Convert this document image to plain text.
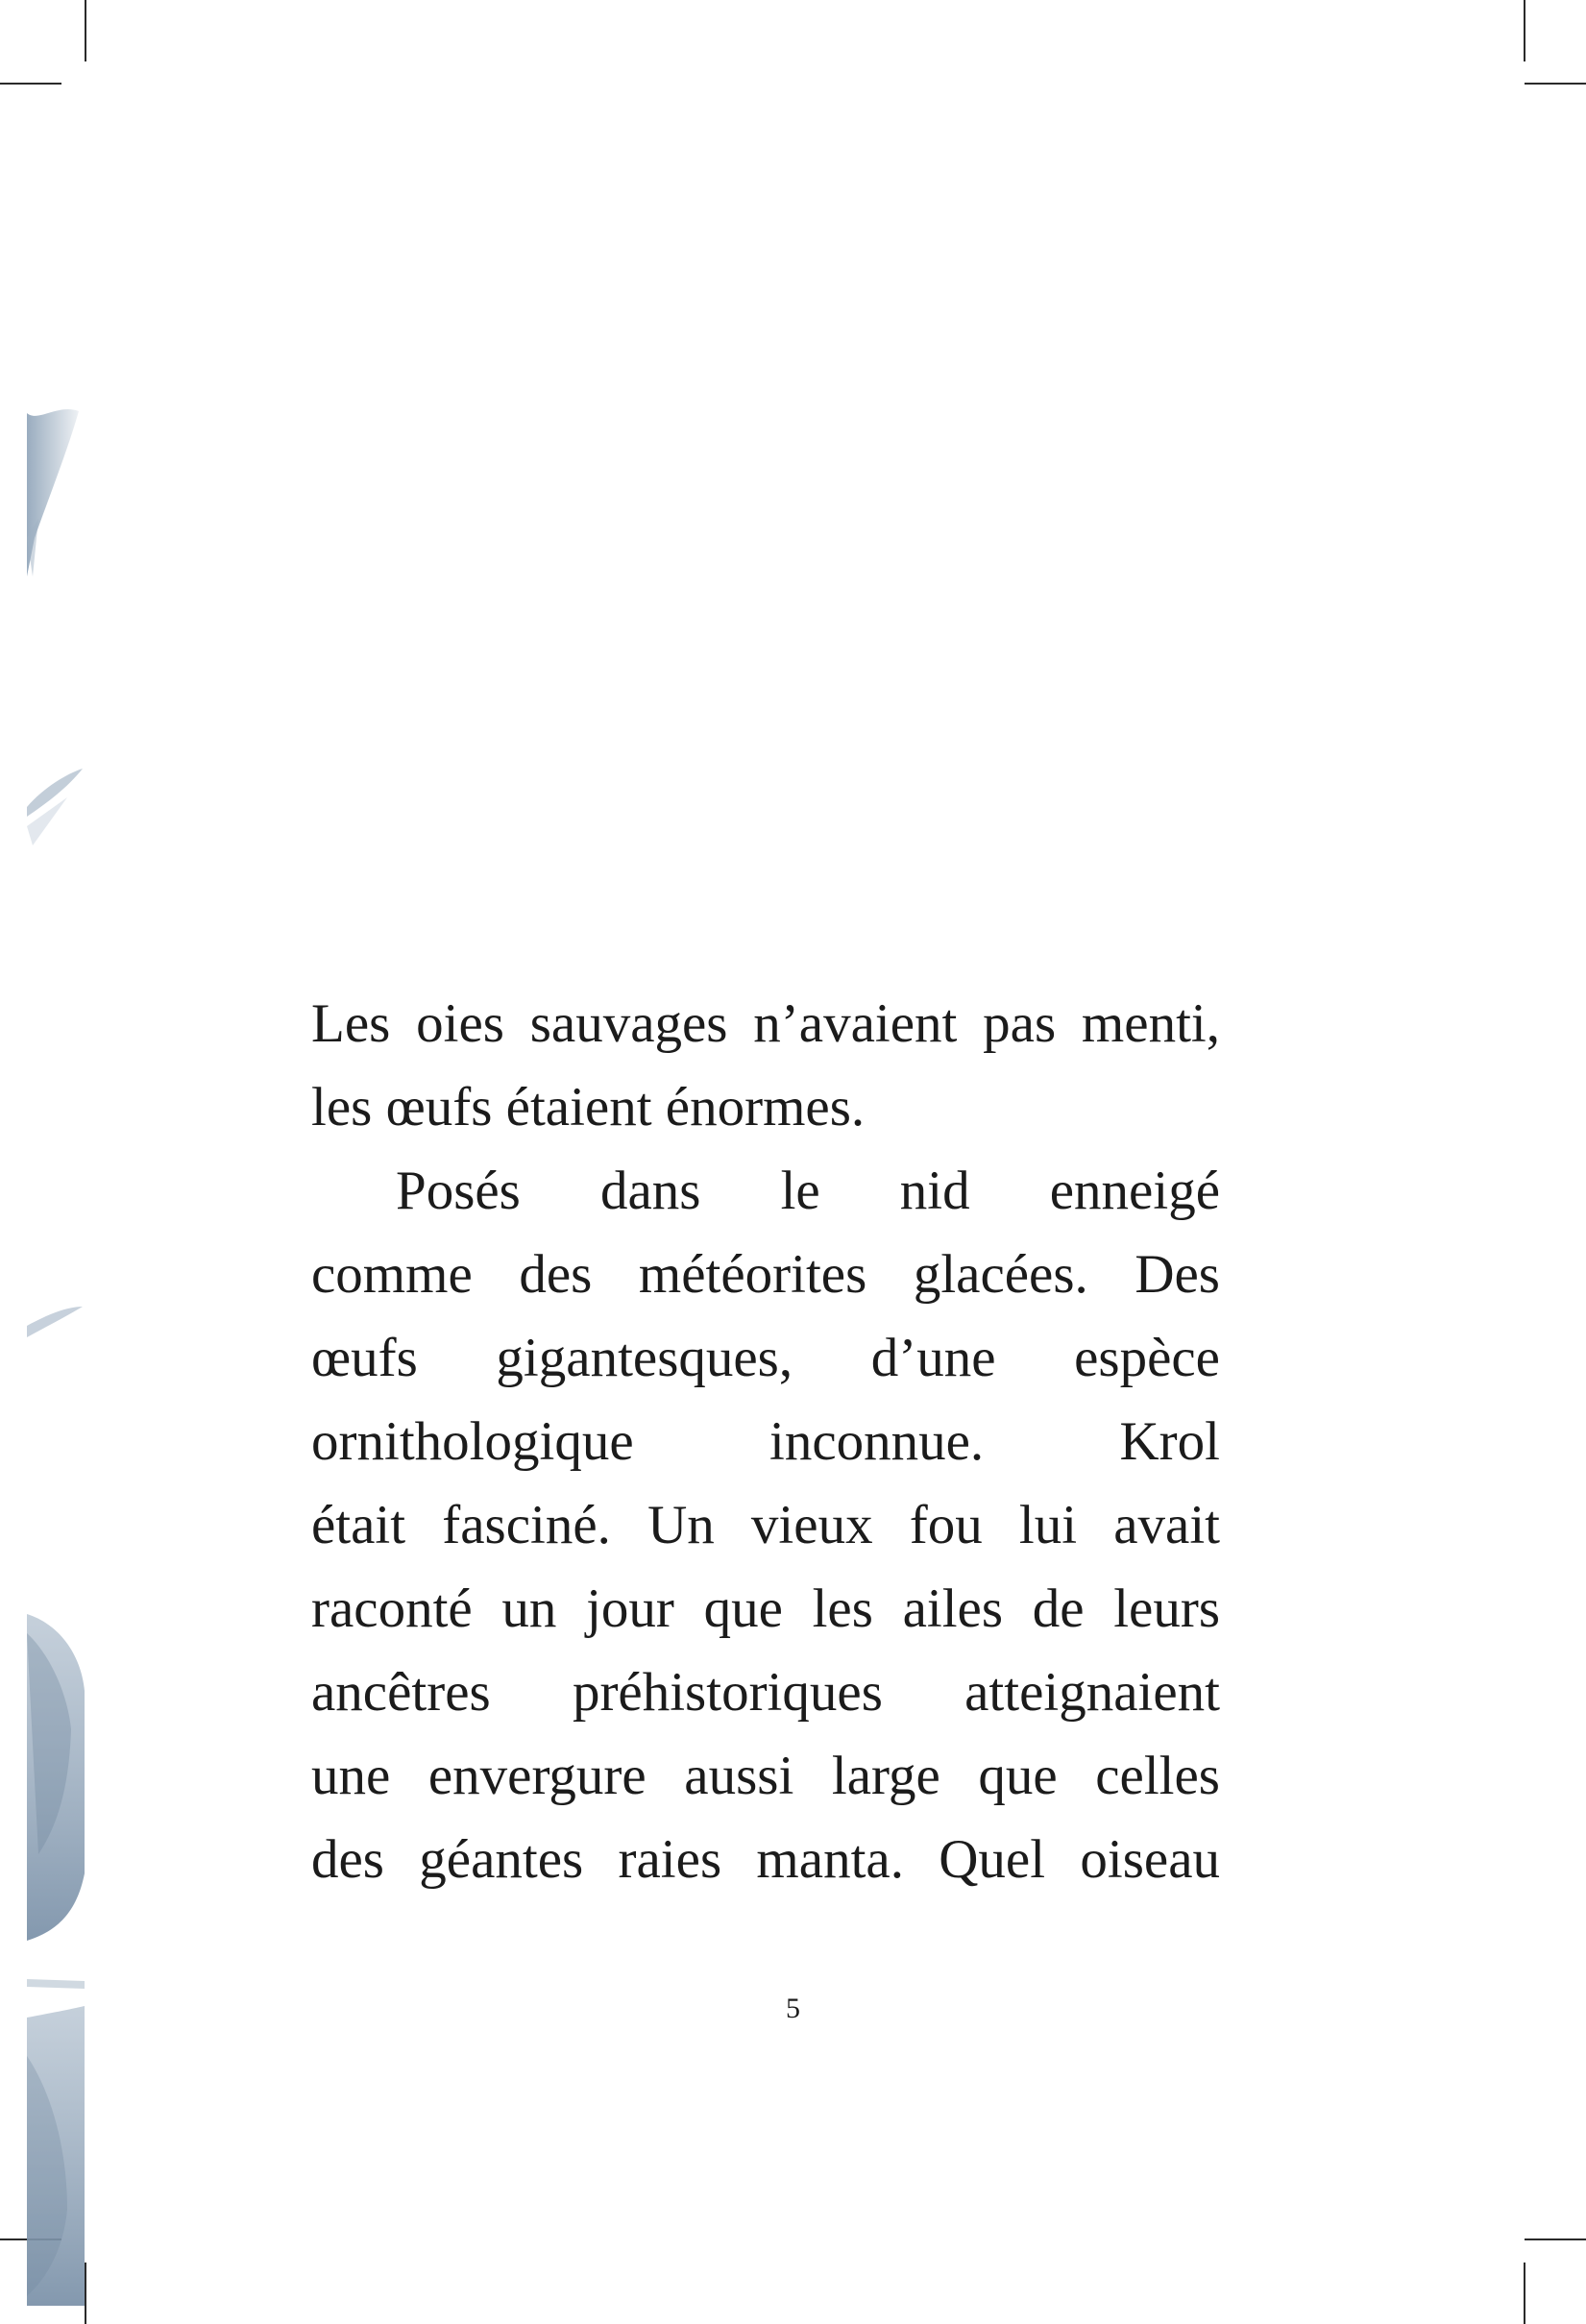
Les oies sauvages n’avaient pas menti,
les œufs étaient énormes.
Posés dans le nid enneigé
comme des météorites glacées. Des
œufs gigantesques, d’une espèce
ornithologique inconnue. Krol
était fasciné. Un vieux fou lui avait
raconté un jour que les ailes de leurs
ancêtres préhistoriques atteignaient
une envergure aussi large que celles
des géantes raies manta. Quel oiseau
5
